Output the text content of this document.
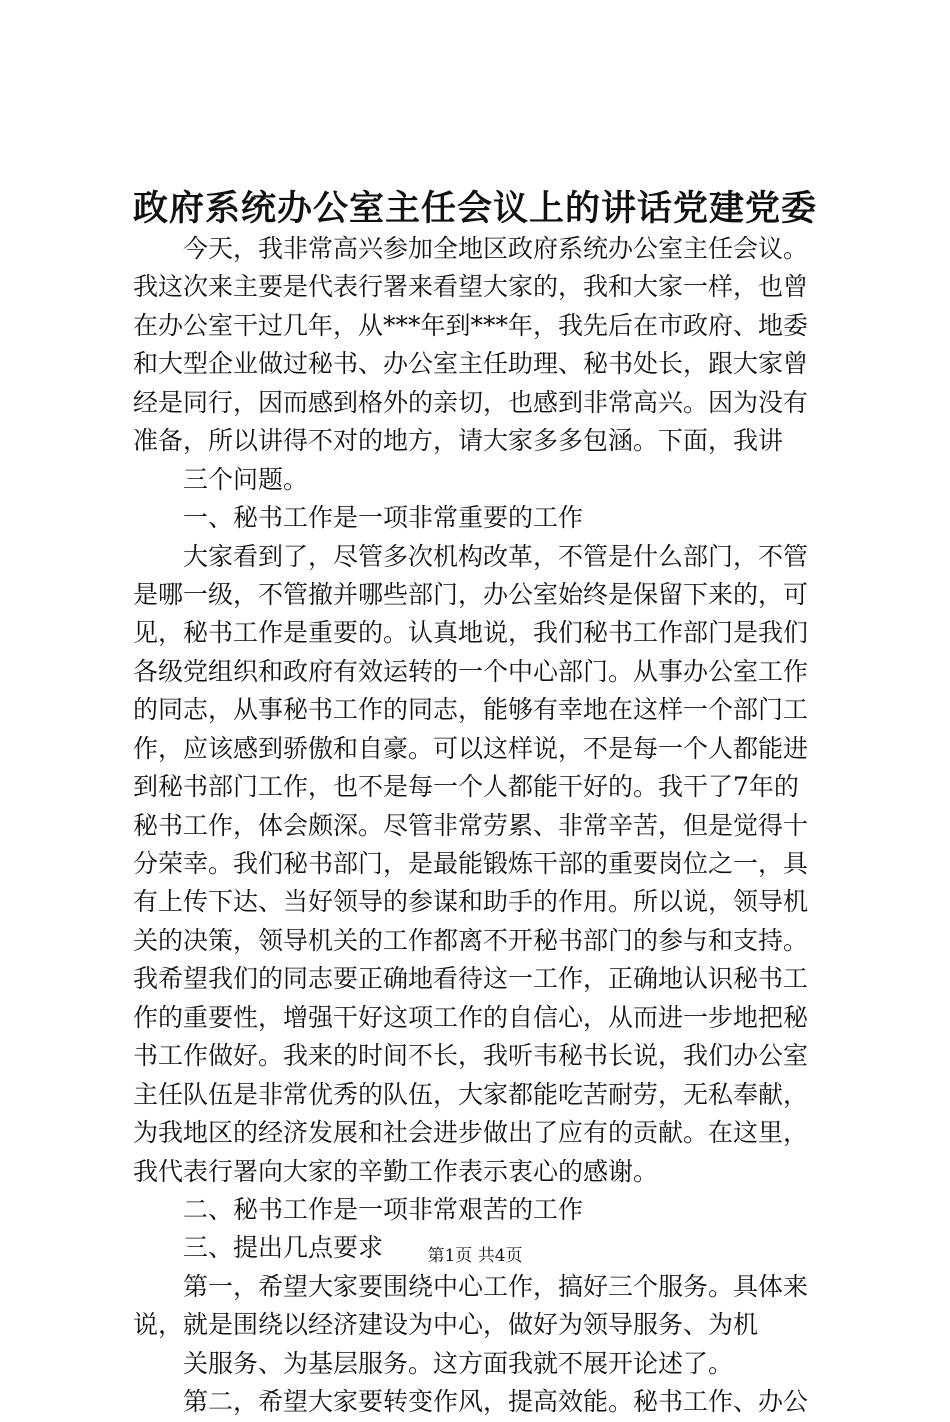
政府系统办公室主任会议上的讲话党建党委
　　今天，我非常高兴参加全地区政府系统办公室主任会议。
我这次来主要是代表行署来看望大家的，我和大家一样，也曾
在办公室干过几年，从***年到***年，我先后在市政府、地委
和大型企业做过秘书、办公室主任助理、秘书处长，跟大家曾
经是同行，因而感到格外的亲切，也感到非常高兴。因为没有
准备，所以讲得不对的地方，请大家多多包涵。下面，我讲
　　三个问题。
　　一、秘书工作是一项非常重要的工作
　　大家看到了，尽管多次机构改革，不管是什么部门，不管
是哪一级，不管撤并哪些部门，办公室始终是保留下来的，可
见，秘书工作是重要的。认真地说，我们秘书工作部门是我们
各级党组织和政府有效运转的一个中心部门。从事办公室工作
的同志，从事秘书工作的同志，能够有幸地在这样一个部门工
作，应该感到骄傲和自豪。可以这样说，不是每一个人都能进
到秘书部门工作，也不是每一个人都能干好的。我干了7年的
秘书工作，体会颇深。尽管非常劳累、非常辛苦，但是觉得十
分荣幸。我们秘书部门，是最能锻炼干部的重要岗位之一，具
有上传下达、当好领导的参谋和助手的作用。所以说，领导机
关的决策，领导机关的工作都离不开秘书部门的参与和支持。
我希望我们的同志要正确地看待这一工作，正确地认识秘书工
作的重要性，增强干好这项工作的自信心，从而进一步地把秘
书工作做好。我来的时间不长，我听韦秘书长说，我们办公室
主任队伍是非常优秀的队伍，大家都能吃苦耐劳，无私奉献，
为我地区的经济发展和社会进步做出了应有的贡献。在这里，
我代表行署向大家的辛勤工作表示衷心的感谢。
　　二、秘书工作是一项非常艰苦的工作
　　三、提出几点要求
　　第一，希望大家要围绕中心工作，搞好三个服务。具体来
说，就是围绕以经济建设为中心，做好为领导服务、为机
　　关服务、为基层服务。这方面我就不展开论述了。
　　第二，希望大家要转变作风，提高效能。秘书工作、办公
第1页 共4页
